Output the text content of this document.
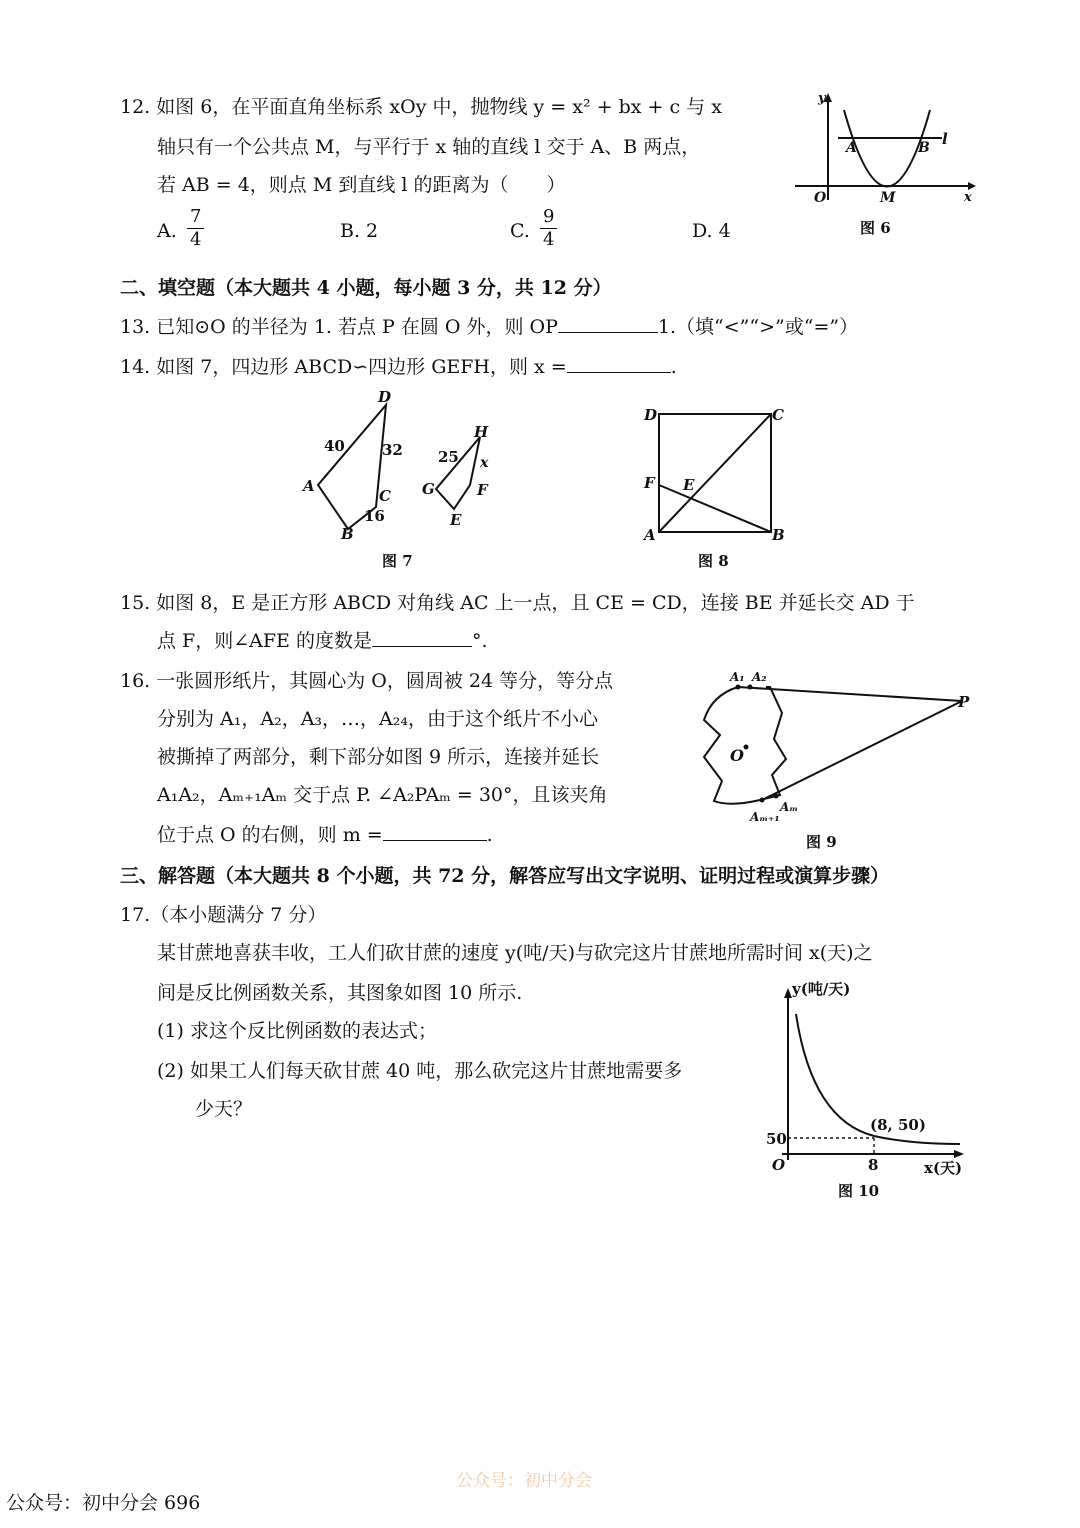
12. 如图 6，在平面直角坐标系 xOy 中，抛物线 y = x² + bx + c 与 x
轴只有一个公共点 M，与平行于 x 轴的直线 l 交于 A、B 两点，
若 AB = 4，则点 M 到直线 l 的距离为（　　）
A. $\frac{7}{4}$	B. 2	C. $\frac{9}{4}$	D. 4
y
x
O
A	B l
M
图 6
二、填空题（本大题共 4 小题，每小题 3 分，共 12 分）
13. 已知⊙O 的半径为 1. 若点 P 在圆 O 外，则 OP	1.（填“<”“>”或“=”）
14. 如图 7，四边形 ABCD∽四边形 GEFH，则 x =	.
D
A
B
C
40 32
16
H
G
E
F
25 x
图 7
D	C
F E
A	B
图 8
15. 如图 8，E 是正方形 ABCD 对角线 AC 上一点，且 CE = CD，连接 BE 并延长交 AD 于
点 F，则∠AFE 的度数是	°.
16. 一张圆形纸片，其圆心为 O，圆周被 24 等分，等分点
分别为 A₁，A₂，A₃，…，A₂₄，由于这个纸片不小心
被撕掉了两部分，剩下部分如图 9 所示，连接并延长
A₁A₂，Aₘ₊₁Aₘ 交于点 P. ∠A₂PAₘ = 30°，且该夹角
位于点 O 的右侧，则 m =	.
A₁ A₂
P
O
Aₘ₊₁
Aₘ
图 9
三、解答题（本大题共 8 个小题，共 72 分，解答应写出文字说明、证明过程或演算步骤）
17.（本小题满分 7 分）
某甘蔗地喜获丰收，工人们砍甘蔗的速度 y(吨/天)与砍完这片甘蔗地所需时间 x(天)之
间是反比例函数关系，其图象如图 10 所示.
(1) 求这个反比例函数的表达式；
(2) 如果工人们每天砍甘蔗 40 吨，那么砍完这片甘蔗地需要多
少天？
y(吨/天)
x(天)
O
50
8
(8, 50)
图 10
公众号：初中分会
公众号：初中分会 696
